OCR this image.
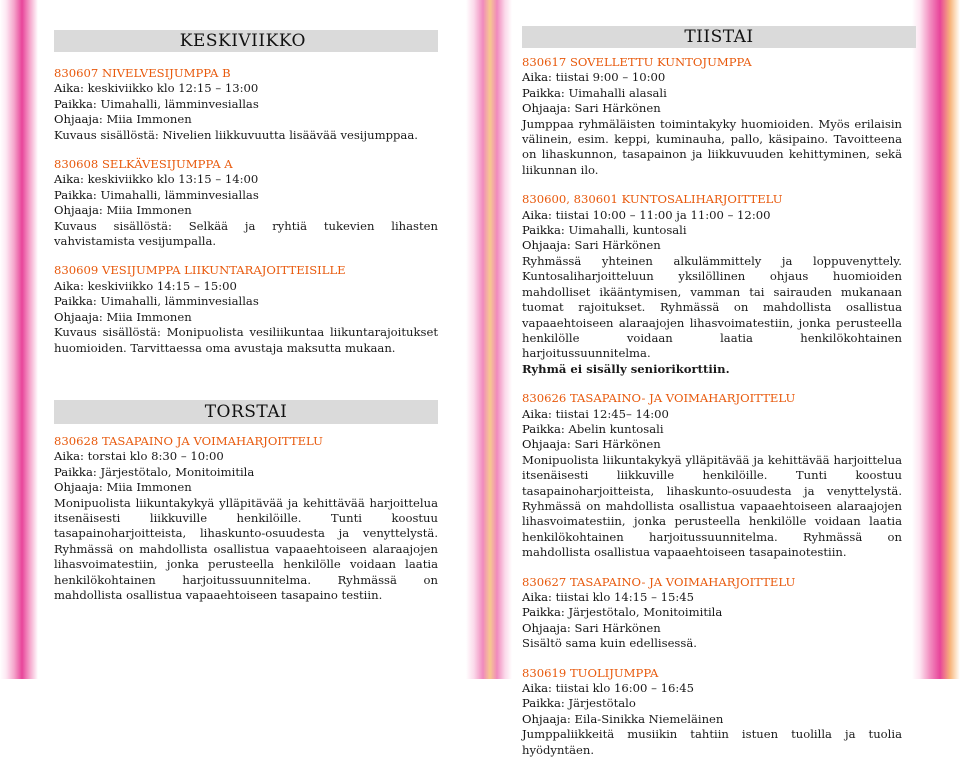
KESKIVIIKKO
830607 NIVELVESIJUMPPA B
Aika: keskiviikko klo 12:15 – 13:00
Paikka: Uimahalli, lämminvesiallas
Ohjaaja: Miia Immonen

Kuvaus sisällöstä: Nivelien liikkuvuutta lisäävää vesijumppaa.

830608 SELKÄVESIJUMPPA A
Aika: keskiviikko klo 13:15 – 14:00
Paikka: Uimahalli, lämminvesiallas
Ohjaaja: Miia Immonen

Kuvaus sisällöstä: Selkää ja ryhtiä tukevien lihasten vahvistamista vesijumpalla.

830609 VESIJUMPPA LIIKUNTARAJOITTEISILLE
Aika: keskiviikko 14:15 – 15:00
Paikka: Uimahalli, lämminvesiallas
Ohjaaja: Miia Immonen

Kuvaus sisällöstä: Monipuolista vesiliikuntaa liikuntarajoitukset huomioiden. Tarvittaessa oma avustaja maksutta mukaan.

TORSTAI
830628 TASAPAINO JA VOIMAHARJOITTELU
Aika: torstai klo 8:30 – 10:00
Paikka: Järjestötalo, Monitoimitila
Ohjaaja: Miia Immonen

Monipuolista liikuntakykyä ylläpitävää ja kehittävää harjoittelua itsenäisesti liikkuville henkilöille. Tunti koostuu tasapainoharjoitteista, lihaskunto-osuudesta ja venyttelystä. Ryhmässä on mahdollista osallistua vapaaehtoiseen alaraajojen lihasvoimatestiin, jonka perusteella henkilölle voidaan laatia henkilökohtainen harjoitussuunnitelma. Ryhmässä on mahdollista osallistua vapaaehtoiseen tasapaino testiin.

TIISTAI
830617 SOVELLETTU KUNTOJUMPPA
Aika: tiistai 9:00 – 10:00
Paikka: Uimahalli alasali
Ohjaaja: Sari Härkönen

Jumppaa ryhmäläisten toimintakyky huomioiden. Myös erilaisin välinein, esim. keppi, kuminauha, pallo, käsipaino. Tavoitteena on lihaskunnon, tasapainon ja liikkuvuuden kehittyminen, sekä liikunnan ilo.

830600, 830601 KUNTOSALIHARJOITTELU
Aika: tiistai 10:00 – 11:00 ja 11:00 – 12:00
Paikka: Uimahalli, kuntosali
Ohjaaja: Sari Härkönen

Ryhmässä yhteinen alkulämmittely ja loppuvenyttely. Kuntosaliharjoitteluun yksilöllinen ohjaus huomioiden mahdolliset ikääntymisen, vamman tai sairauden mukanaan tuomat rajoitukset. Ryhmässä on mahdollista osallistua vapaaehtoiseen alaraajojen lihasvoimatestiin, jonka perusteella henkilölle voidaan laatia henkilökohtainen harjoitussuunnitelma.

Ryhmä ei sisälly seniorikorttiin.

830626 TASAPAINO- JA VOIMAHARJOITTELU
Aika: tiistai 12:45– 14:00
Paikka: Abelin kuntosali
Ohjaaja: Sari Härkönen

Monipuolista liikuntakykyä ylläpitävää ja kehittävää harjoittelua itsenäisesti liikkuville henkilöille. Tunti koostuu tasapainoharjoitteista, lihaskunto-osuudesta ja venyttelystä. Ryhmässä on mahdollista osallistua vapaaehtoiseen alaraajojen lihasvoimatestiin, jonka perusteella henkilölle voidaan laatia henkilökohtainen harjoitussuunnitelma. Ryhmässä on mahdollista osallistua vapaaehtoiseen tasapainotestiin.

830627 TASAPAINO- JA VOIMAHARJOITTELU
Aika: tiistai klo 14:15 – 15:45
Paikka: Järjestötalo, Monitoimitila
Ohjaaja: Sari Härkönen

Sisältö sama kuin edellisessä.

830619 TUOLIJUMPPA
Aika: tiistai klo 16:00 – 16:45
Paikka: Järjestötalo
Ohjaaja: Eila-Sinikka Niemeläinen

Jumppaliikkeitä musiikin tahtiin istuen tuolilla ja tuolia hyödyntäen.
